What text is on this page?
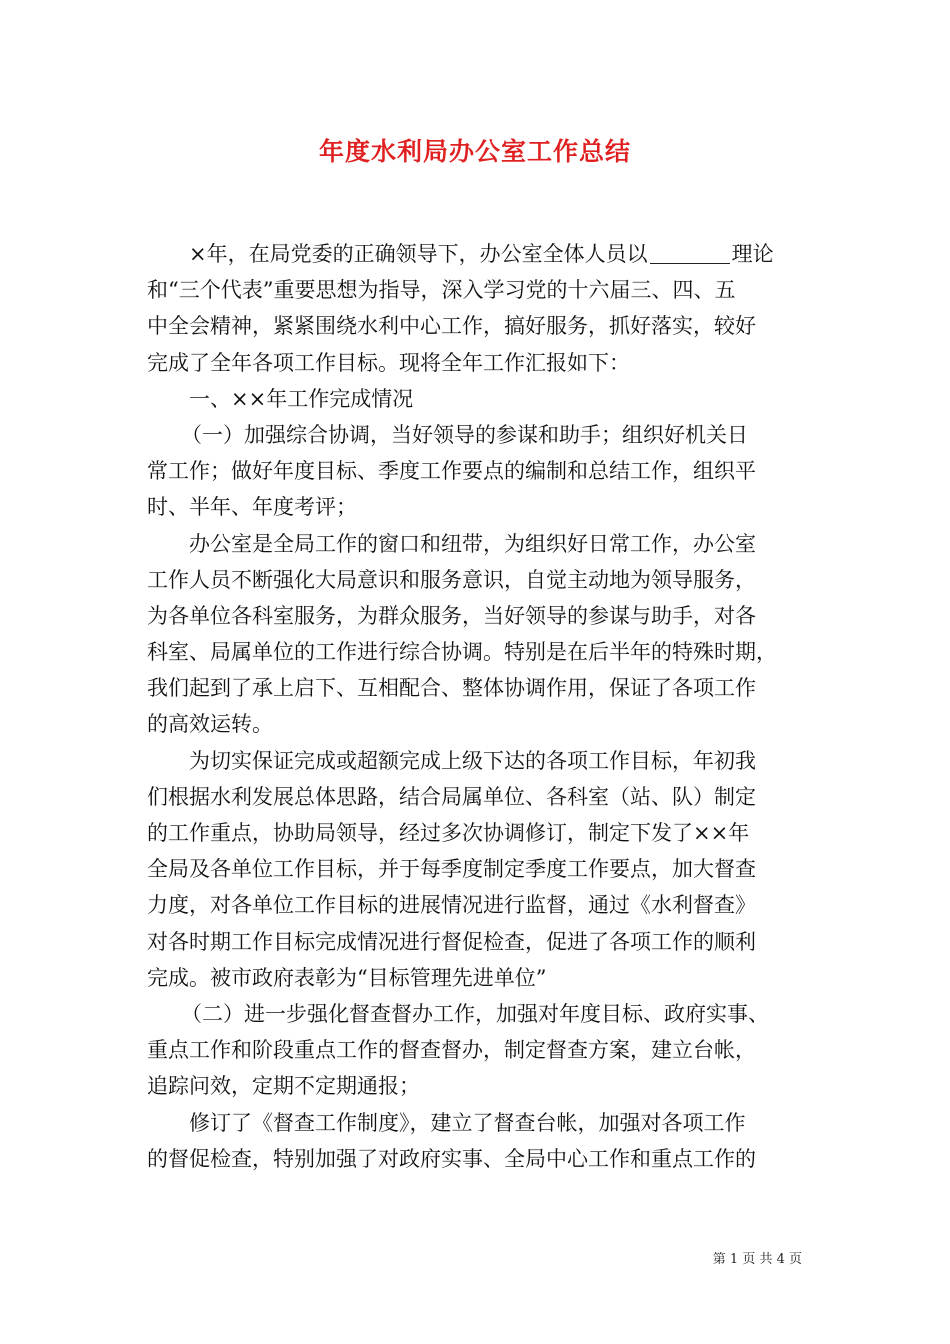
年度水利局办公室工作总结
×年，在局党委的正确领导下，办公室全体人员以	理论
和“三个代表”重要思想为指导，深入学习党的十六届三、四、五
中全会精神，紧紧围绕水利中心工作，搞好服务，抓好落实，较好
完成了全年各项工作目标。现将全年工作汇报如下：
一、××年工作完成情况
（一）加强综合协调，当好领导的参谋和助手；组织好机关日
常工作；做好年度目标、季度工作要点的编制和总结工作，组织平
时、半年、年度考评；
办公室是全局工作的窗口和纽带，为组织好日常工作，办公室
工作人员不断强化大局意识和服务意识，自觉主动地为领导服务，
为各单位各科室服务，为群众服务，当好领导的参谋与助手，对各
科室、局属单位的工作进行综合协调。特别是在后半年的特殊时期，
我们起到了承上启下、互相配合、整体协调作用，保证了各项工作
的高效运转。
为切实保证完成或超额完成上级下达的各项工作目标，年初我
们根据水利发展总体思路，结合局属单位、各科室（站、队）制定
的工作重点，协助局领导，经过多次协调修订，制定下发了××年
全局及各单位工作目标，并于每季度制定季度工作要点，加大督查
力度，对各单位工作目标的进展情况进行监督，通过《水利督查》
对各时期工作目标完成情况进行督促检查，促进了各项工作的顺利
完成。被市政府表彰为“目标管理先进单位”
（二）进一步强化督查督办工作，加强对年度目标、政府实事、
重点工作和阶段重点工作的督查督办，制定督查方案，建立台帐，
追踪问效，定期不定期通报；
修订了《督查工作制度》，建立了督查台帐，加强对各项工作
的督促检查，特别加强了对政府实事、全局中心工作和重点工作的
第 1 页 共 4 页
